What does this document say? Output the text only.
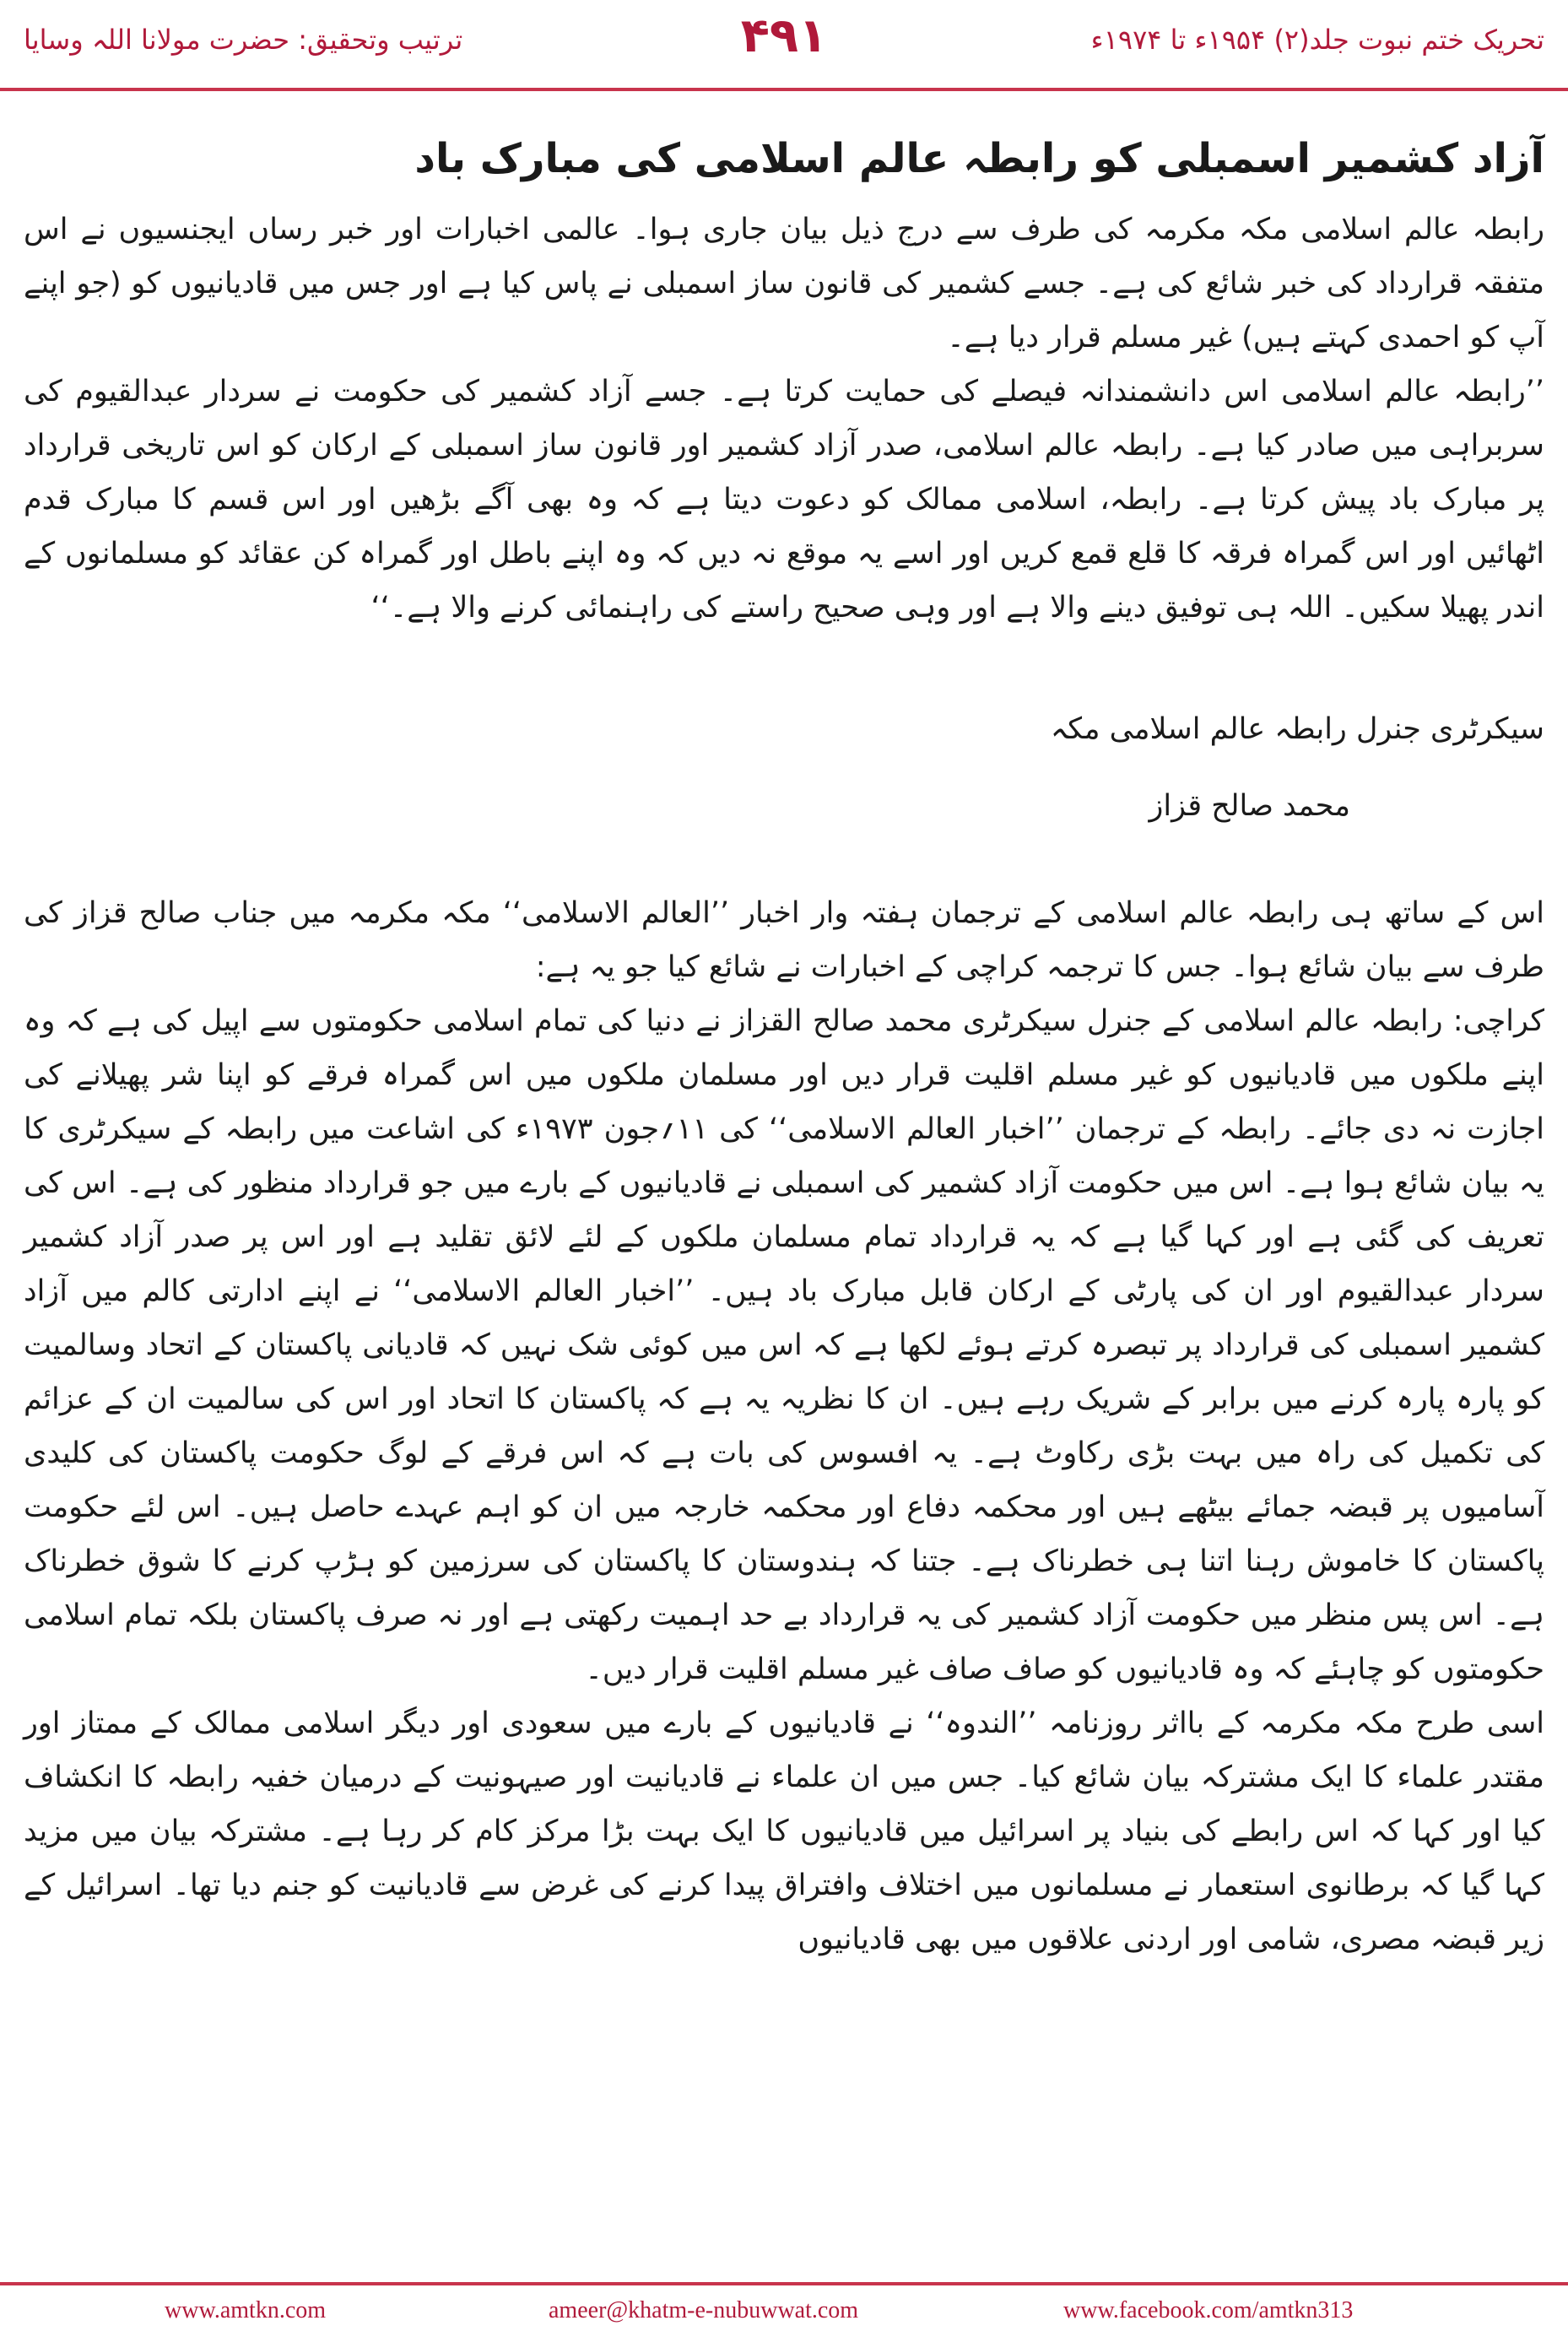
ترتیب وتحقیق: حضرت مولانا اللہ وسایا	۴۹۱	تحریک ختم نبوت جلد(۲) ۱۹۵۴ء تا ۱۹۷۴ء
آزاد کشمیر اسمبلی کو رابطہ عالم اسلامی کی مبارک باد

رابطہ عالم اسلامی مکہ مکرمہ کی طرف سے درج ذیل بیان جاری ہوا۔ عالمی اخبارات اور خبر رساں ایجنسیوں نے اس متفقہ قرارداد کی خبر شائع کی ہے۔ جسے کشمیر کی قانون ساز اسمبلی نے پاس کیا ہے اور جس میں قادیانیوں کو (جو اپنے آپ کو احمدی کہتے ہیں) غیر مسلم قرار دیا ہے۔

’’رابطہ عالم اسلامی اس دانشمندانہ فیصلے کی حمایت کرتا ہے۔ جسے آزاد کشمیر کی حکومت نے سردار عبدالقیوم کی سربراہی میں صادر کیا ہے۔ رابطہ عالم اسلامی، صدر آزاد کشمیر اور قانون ساز اسمبلی کے ارکان کو اس تاریخی قرارداد پر مبارک باد پیش کرتا ہے۔ رابطہ، اسلامی ممالک کو دعوت دیتا ہے کہ وہ بھی آگے بڑھیں اور اس قسم کا مبارک قدم اٹھائیں اور اس گمراہ فرقہ کا قلع قمع کریں اور اسے یہ موقع نہ دیں کہ وہ اپنے باطل اور گمراہ کن عقائد کو مسلمانوں کے اندر پھیلا سکیں۔ اللہ ہی توفیق دینے والا ہے اور وہی صحیح راستے کی راہنمائی کرنے والا ہے۔‘‘

سیکرٹری جنرل رابطہ عالم اسلامی مکہ
محمد صالح قزاز

اس کے ساتھ ہی رابطہ عالم اسلامی کے ترجمان ہفتہ وار اخبار ’’العالم الاسلامی‘‘ مکہ مکرمہ میں جناب صالح قزاز کی طرف سے بیان شائع ہوا۔ جس کا ترجمہ کراچی کے اخبارات نے شائع کیا جو یہ ہے:

کراچی: رابطہ عالم اسلامی کے جنرل سیکرٹری محمد صالح القزاز نے دنیا کی تمام اسلامی حکومتوں سے اپیل کی ہے کہ وہ اپنے ملکوں میں قادیانیوں کو غیر مسلم اقلیت قرار دیں اور مسلمان ملکوں میں اس گمراہ فرقے کو اپنا شر پھیلانے کی اجازت نہ دی جائے۔ رابطہ کے ترجمان ’’اخبار العالم الاسلامی‘‘ کی ۱۱؍جون ۱۹۷۳ء کی اشاعت میں رابطہ کے سیکرٹری کا یہ بیان شائع ہوا ہے۔ اس میں حکومت آزاد کشمیر کی اسمبلی نے قادیانیوں کے بارے میں جو قرارداد منظور کی ہے۔ اس کی تعریف کی گئی ہے اور کہا گیا ہے کہ یہ قرارداد تمام مسلمان ملکوں کے لئے لائق تقلید ہے اور اس پر صدر آزاد کشمیر سردار عبدالقیوم اور ان کی پارٹی کے ارکان قابل مبارک باد ہیں۔ ’’اخبار العالم الاسلامی‘‘ نے اپنے ادارتی کالم میں آزاد کشمیر اسمبلی کی قرارداد پر تبصرہ کرتے ہوئے لکھا ہے کہ اس میں کوئی شک نہیں کہ قادیانی پاکستان کے اتحاد وسالمیت کو پارہ پارہ کرنے میں برابر کے شریک رہے ہیں۔ ان کا نظریہ یہ ہے کہ پاکستان کا اتحاد اور اس کی سالمیت ان کے عزائم کی تکمیل کی راہ میں بہت بڑی رکاوٹ ہے۔ یہ افسوس کی بات ہے کہ اس فرقے کے لوگ حکومت پاکستان کی کلیدی آسامیوں پر قبضہ جمائے بیٹھے ہیں اور محکمہ دفاع اور محکمہ خارجہ میں ان کو اہم عہدے حاصل ہیں۔ اس لئے حکومت پاکستان کا خاموش رہنا اتنا ہی خطرناک ہے۔ جتنا کہ ہندوستان کا پاکستان کی سرزمین کو ہڑپ کرنے کا شوق خطرناک ہے۔ اس پس منظر میں حکومت آزاد کشمیر کی یہ قرارداد بے حد اہمیت رکھتی ہے اور نہ صرف پاکستان بلکہ تمام اسلامی حکومتوں کو چاہئے کہ وہ قادیانیوں کو صاف صاف غیر مسلم اقلیت قرار دیں۔

اسی طرح مکہ مکرمہ کے بااثر روزنامہ ’’الندوہ‘‘ نے قادیانیوں کے بارے میں سعودی اور دیگر اسلامی ممالک کے ممتاز اور مقتدر علماء کا ایک مشترکہ بیان شائع کیا۔ جس میں ان علماء نے قادیانیت اور صیہونیت کے درمیان خفیہ رابطہ کا انکشاف کیا اور کہا کہ اس رابطے کی بنیاد پر اسرائیل میں قادیانیوں کا ایک بہت بڑا مرکز کام کر رہا ہے۔ مشترکہ بیان میں مزید کہا گیا کہ برطانوی استعمار نے مسلمانوں میں اختلاف وافتراق پیدا کرنے کی غرض سے قادیانیت کو جنم دیا تھا۔ اسرائیل کے زیر قبضہ مصری، شامی اور اردنی علاقوں میں بھی قادیانیوں

www.amtkn.com	ameer@khatm-e-nubuwwat.com	www.facebook.com/amtkn313
